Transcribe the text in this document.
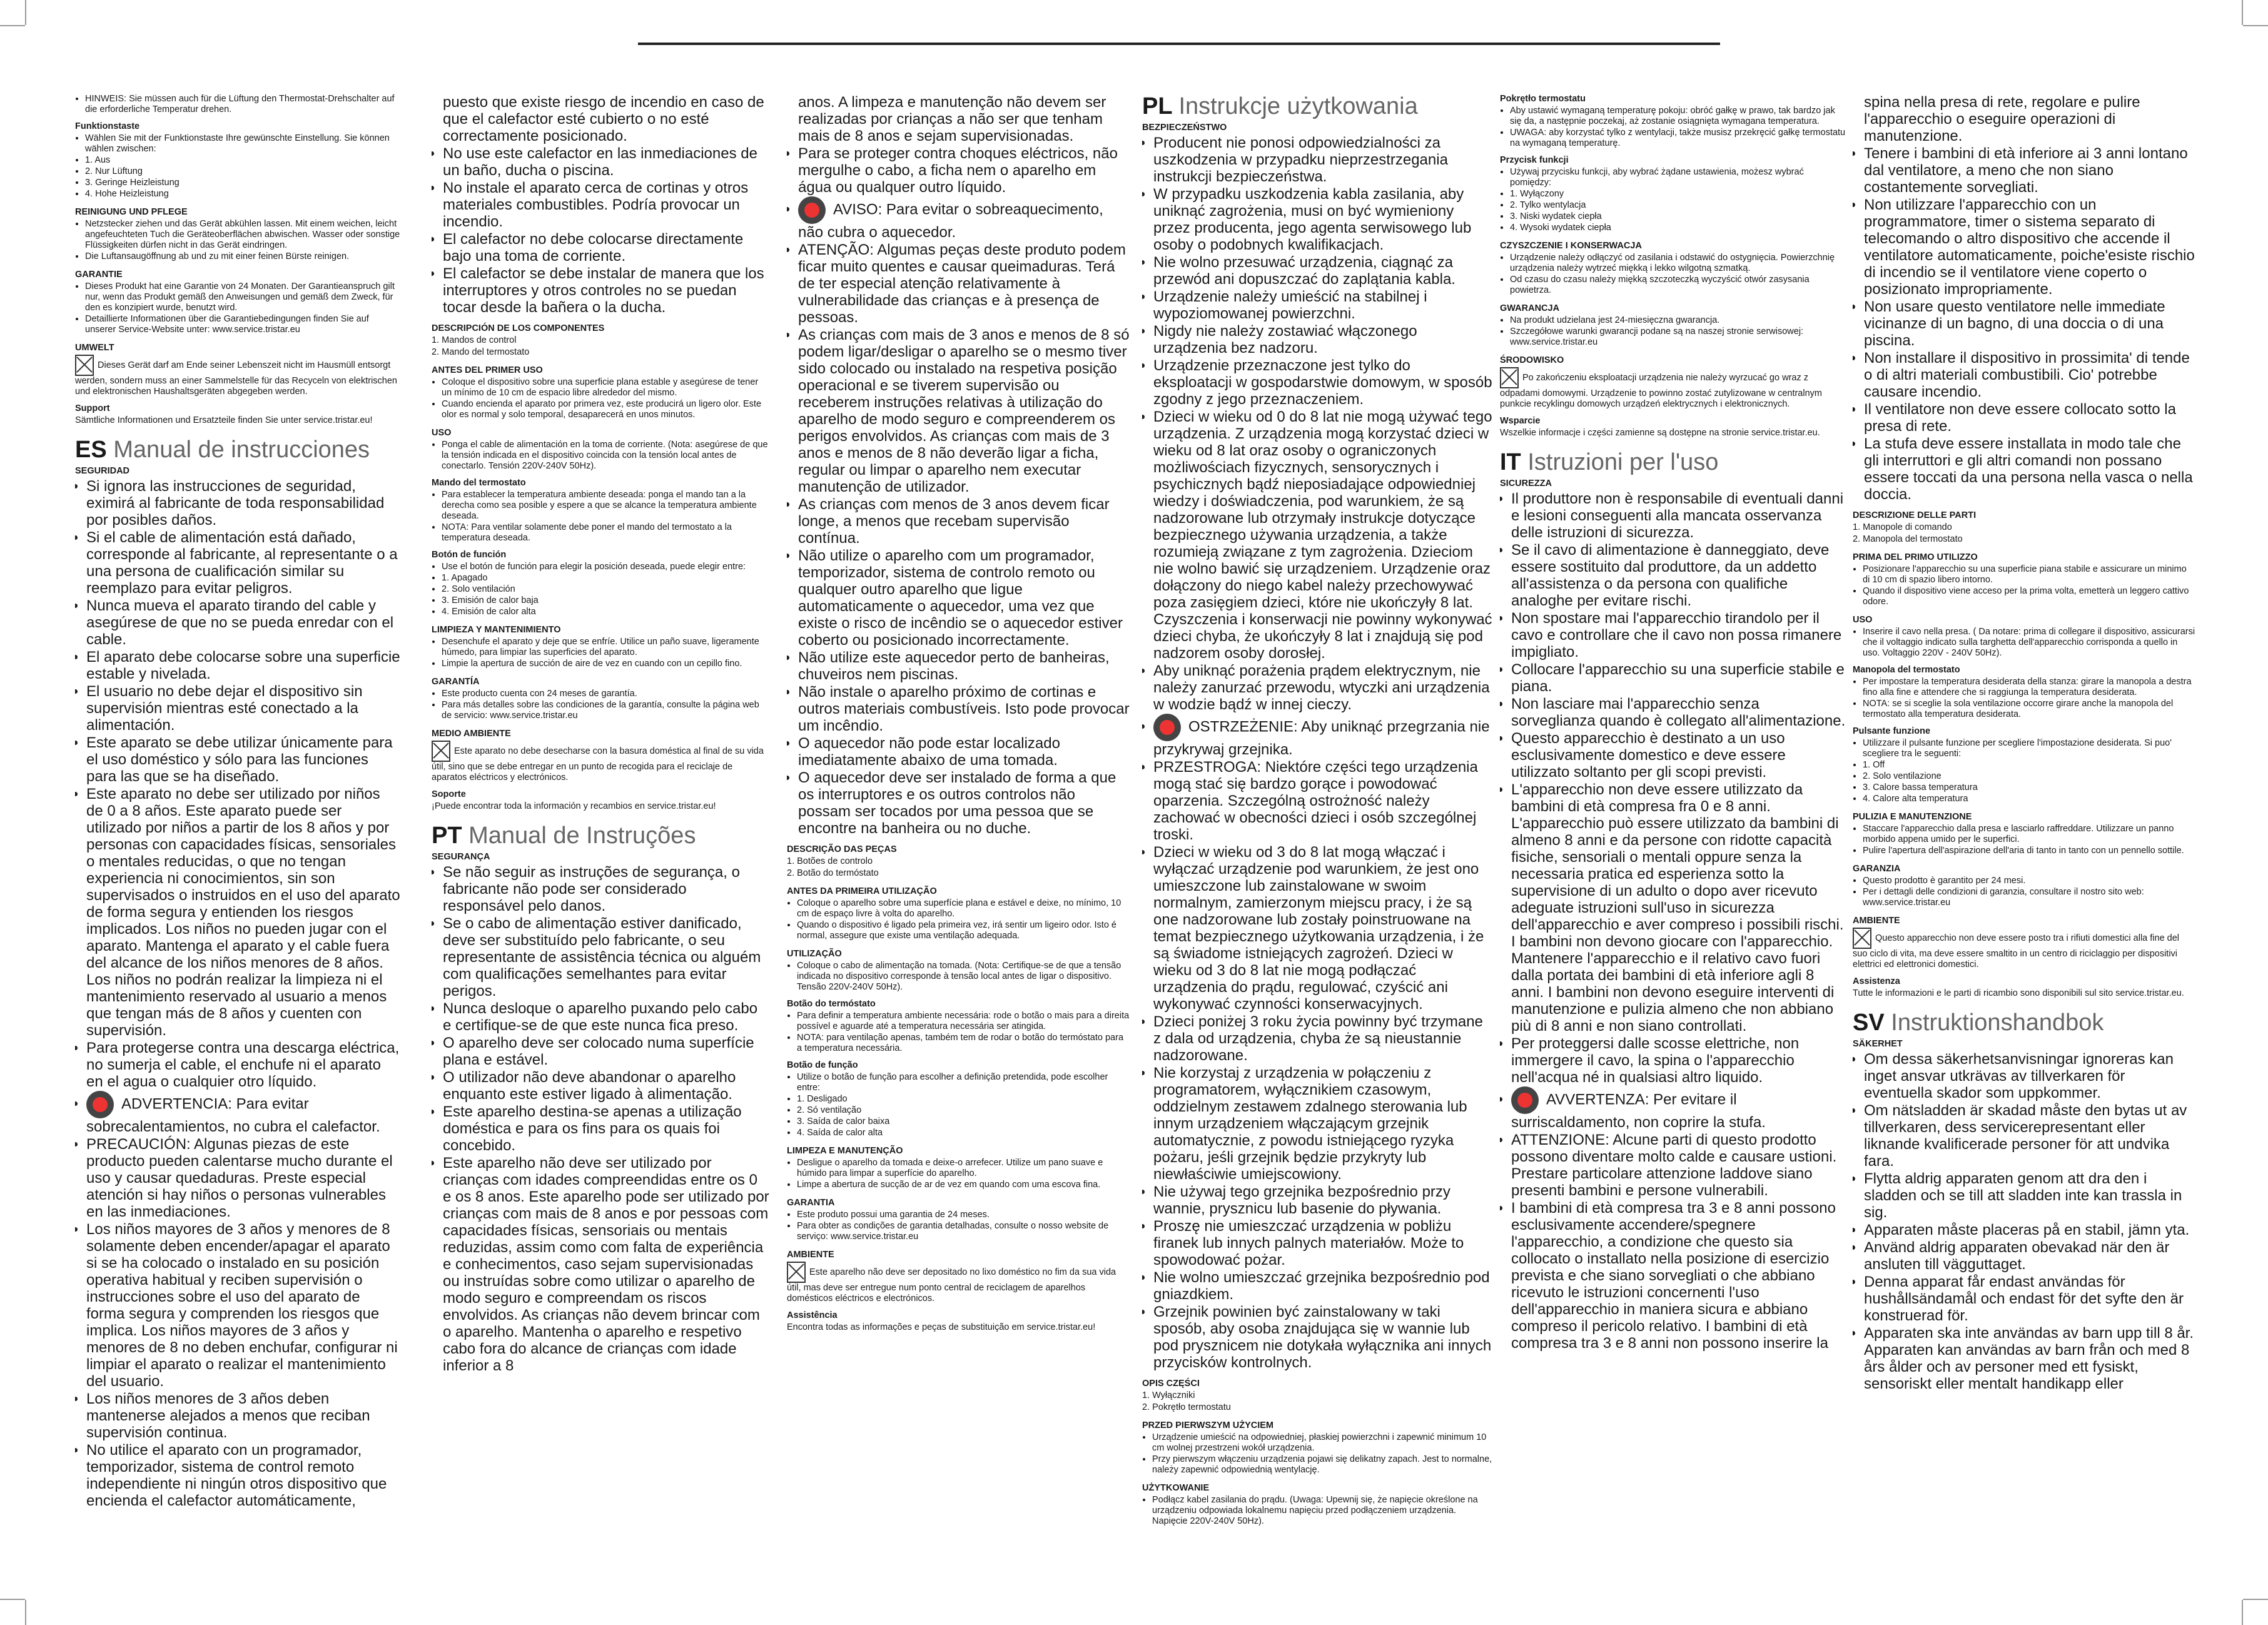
• HINWEIS: Sie müssen auch für die Lüftung den Thermostat-Drehschalter auf die erforderliche Temperatur drehen.
Funktionstaste
• Wählen Sie mit der Funktionstaste Ihre gewünschte Einstellung. Sie können wählen zwischen:
• 1. Aus
• 2. Nur Lüftung
• 3. Geringe Heizleistung
• 4. Hohe Heizleistung
REINIGUNG UND PFLEGE
• Netzstecker ziehen und das Gerät abkühlen lassen. Mit einem weichen, leicht angefeuchteten Tuch die Geräteoberflächen abwischen. Wasser oder sonstige Flüssigkeiten dürfen nicht in das Gerät eindringen.
• Die Luftansaugöffnung ab und zu mit einer feinen Bürste reinigen.
GARANTIE
• Dieses Produkt hat eine Garantie von 24 Monaten. Der Garantieanspruch gilt nur, wenn das Produkt gemäß den Anweisungen und gemäß dem Zweck, für den es konzipiert wurde, benutzt wird.
• Detaillierte Informationen über die Garantiebedingungen finden Sie auf unserer Service-Website unter: www.service.tristar.eu
UMWELT

Dieses Gerät darf am Ende seiner Lebenszeit nicht im Hausmüll entsorgt werden, sondern muss an einer Sammelstelle für das Recyceln von elektrischen und elektronischen Haushaltsgeräten abgegeben werden.

Support

Sämtliche Informationen und Ersatzteile finden Sie unter service.tristar.eu!

ES Manual de instrucciones
SEGURIDAD
• Si ignora las instrucciones de seguridad, eximirá al fabricante de toda responsabilidad por posibles daños.
• Si el cable de alimentación está dañado, corresponde al fabricante, al representante o a una persona de cualificación similar su reemplazo para evitar peligros.
• Nunca mueva el aparato tirando del cable y asegúrese de que no se pueda enredar con el cable.
• El aparato debe colocarse sobre una superficie estable y nivelada.
• El usuario no debe dejar el dispositivo sin supervisión mientras esté conectado a la alimentación.
• Este aparato se debe utilizar únicamente para el uso doméstico y sólo para las funciones para las que se ha diseñado.
• Este aparato no debe ser utilizado por niños de 0 a 8 años. Este aparato puede ser utilizado por niños a partir de los 8 años y por personas con capacidades físicas, sensoriales o mentales reducidas, o que no tengan experiencia ni conocimientos, sin son supervisados o instruidos en el uso del aparato de forma segura y entienden los riesgos implicados. Los niños no pueden jugar con el aparato. Mantenga el aparato y el cable fuera del alcance de los niños menores de 8 años. Los niños no podrán realizar la limpieza ni el mantenimiento reservado al usuario a menos que tengan más de 8 años y cuenten con supervisión.
• Para protegerse contra una descarga eléctrica, no sumerja el cable, el enchufe ni el aparato en el agua o cualquier otro líquido.
• ADVERTENCIA: Para evitar sobrecalentamientos, no cubra el calefactor.
• PRECAUCIÓN: Algunas piezas de este producto pueden calentarse mucho durante el uso y causar quedaduras. Preste especial atención si hay niños o personas vulnerables en las inmediaciones.
• Los niños mayores de 3 años y menores de 8 solamente deben encender/apagar el aparato si se ha colocado o instalado en su posición operativa habitual y reciben supervisión o instrucciones sobre el uso del aparato de forma segura y comprenden los riesgos que implica. Los niños mayores de 3 años y menores de 8 no deben enchufar, configurar ni limpiar el aparato o realizar el mantenimiento del usuario.
• Los niños menores de 3 años deben mantenerse alejados a menos que reciban supervisión continua.
• No utilice el aparato con un programador, temporizador, sistema de control remoto independiente ni ningún otros dispositivo que encienda el calefactor automáticamente,
puesto que existe riesgo de incendio en caso de que el calefactor esté cubierto o no esté correctamente posicionado.
• No use este calefactor en las inmediaciones de un baño, ducha o piscina.
• No instale el aparato cerca de cortinas y otros materiales combustibles. Podría provocar un incendio.
• El calefactor no debe colocarse directamente bajo una toma de corriente.
• El calefactor se debe instalar de manera que los interruptores y otros controles no se puedan tocar desde la bañera o la ducha.
DESCRIPCIÓN DE LOS COMPONENTES

1. Mandos de control

2. Mando del termostato

ANTES DEL PRIMER USO
• Coloque el dispositivo sobre una superficie plana estable y asegúrese de tener un mínimo de 10 cm de espacio libre alrededor del mismo.
• Cuando encienda el aparato por primera vez, este producirá un ligero olor. Este olor es normal y solo temporal, desaparecerá en unos minutos.
USO
• Ponga el cable de alimentación en la toma de corriente. (Nota: asegúrese de que la tensión indicada en el dispositivo coincida con la tensión local antes de conectarlo. Tensión 220V-240V 50Hz).
Mando del termostato
• Para establecer la temperatura ambiente deseada: ponga el mando tan a la derecha como sea posible y espere a que se alcance la temperatura ambiente deseada.
• NOTA: Para ventilar solamente debe poner el mando del termostato a la temperatura deseada.
Botón de función
• Use el botón de función para elegir la posición deseada, puede elegir entre:
• 1. Apagado
• 2. Solo ventilación
• 3. Emisión de calor baja
• 4. Emisión de calor alta
LIMPIEZA Y MANTENIMIENTO
• Desenchufe el aparato y deje que se enfríe. Utilice un paño suave, ligeramente húmedo, para limpiar las superficies del aparato.
• Limpie la apertura de succión de aire de vez en cuando con un cepillo fino.
GARANTÍA
• Este producto cuenta con 24 meses de garantía.
• Para más detalles sobre las condiciones de la garantía, consulte la página web de servicio: www.service.tristar.eu
MEDIO AMBIENTE

Este aparato no debe desecharse con la basura doméstica al final de su vida útil, sino que se debe entregar en un punto de recogida para el reciclaje de aparatos eléctricos y electrónicos.

Soporte

¡Puede encontrar toda la información y recambios en service.tristar.eu!

PT Manual de Instruções
SEGURANÇA
• Se não seguir as instruções de segurança, o fabricante não pode ser considerado responsável pelo danos.
• Se o cabo de alimentação estiver danificado, deve ser substituído pelo fabricante, o seu representante de assistência técnica ou alguém com qualificações semelhantes para evitar perigos.
• Nunca desloque o aparelho puxando pelo cabo e certifique-se de que este nunca fica preso.
• O aparelho deve ser colocado numa superfície plana e estável.
• O utilizador não deve abandonar o aparelho enquanto este estiver ligado à alimentação.
• Este aparelho destina-se apenas a utilização doméstica e para os fins para os quais foi concebido.
• Este aparelho não deve ser utilizado por crianças com idades compreendidas entre os 0 e os 8 anos. Este aparelho pode ser utilizado por crianças com mais de 8 anos e por pessoas com capacidades físicas, sensoriais ou mentais reduzidas, assim como com falta de experiência e conhecimentos, caso sejam supervisionadas ou instruídas sobre como utilizar o aparelho de modo seguro e compreendam os riscos envolvidos. As crianças não devem brincar com o aparelho. Mantenha o aparelho e respetivo cabo fora do alcance de crianças com idade inferior a 8
anos. A limpeza e manutenção não devem ser realizadas por crianças a não ser que tenham mais de 8 anos e sejam supervisionadas.
• Para se proteger contra choques eléctricos, não mergulhe o cabo, a ficha nem o aparelho em água ou qualquer outro líquido.
• AVISO: Para evitar o sobreaquecimento, não cubra o aquecedor.
• ATENÇÃO: Algumas peças deste produto podem ficar muito quentes e causar queimaduras. Terá de ter especial atenção relativamente à vulnerabilidade das crianças e à presença de pessoas.
• As crianças com mais de 3 anos e menos de 8 só podem ligar/desligar o aparelho se o mesmo tiver sido colocado ou instalado na respetiva posição operacional e se tiverem supervisão ou receberem instruções relativas à utilização do aparelho de modo seguro e compreenderem os perigos envolvidos. As crianças com mais de 3 anos e menos de 8 não deverão ligar a ficha, regular ou limpar o aparelho nem executar manutenção de utilizador.
• As crianças com menos de 3 anos devem ficar longe, a menos que recebam supervisão contínua.
• Não utilize o aparelho com um programador, temporizador, sistema de controlo remoto ou qualquer outro aparelho que ligue automaticamente o aquecedor, uma vez que existe o risco de incêndio se o aquecedor estiver coberto ou posicionado incorrectamente.
• Não utilize este aquecedor perto de banheiras, chuveiros nem piscinas.
• Não instale o aparelho próximo de cortinas e outros materiais combustíveis. Isto pode provocar um incêndio.
• O aquecedor não pode estar localizado imediatamente abaixo de uma tomada.
• O aquecedor deve ser instalado de forma a que os interruptores e os outros controlos não possam ser tocados por uma pessoa que se encontre na banheira ou no duche.
DESCRIÇÃO DAS PEÇAS

1. Botões de controlo

2. Botão do termóstato

ANTES DA PRIMEIRA UTILIZAÇÃO
• Coloque o aparelho sobre uma superfície plana e estável e deixe, no mínimo, 10 cm de espaço livre à volta do aparelho.
• Quando o dispositivo é ligado pela primeira vez, irá sentir um ligeiro odor. Isto é normal, assegure que existe uma ventilação adequada.
UTILIZAÇÃO
• Coloque o cabo de alimentação na tomada. (Nota: Certifique-se de que a tensão indicada no dispositivo corresponde à tensão local antes de ligar o dispositivo. Tensão 220V-240V 50Hz).
Botão do termóstato
• Para definir a temperatura ambiente necessária: rode o botão o mais para a direita possível e aguarde até a temperatura necessária ser atingida.
• NOTA: para ventilação apenas, também tem de rodar o botão do termóstato para a temperatura necessária.
Botão de função
• Utilize o botão de função para escolher a definição pretendida, pode escolher entre:
• 1. Desligado
• 2. Só ventilação
• 3. Saída de calor baixa
• 4. Saída de calor alta
LIMPEZA E MANUTENÇÃO
• Desligue o aparelho da tomada e deixe-o arrefecer. Utilize um pano suave e húmido para limpar a superfície do aparelho.
• Limpe a abertura de sucção de ar de vez em quando com uma escova fina.
GARANTIA
• Este produto possui uma garantia de 24 meses.
• Para obter as condições de garantia detalhadas, consulte o nosso website de serviço: www.service.tristar.eu
AMBIENTE

Este aparelho não deve ser depositado no lixo doméstico no fim da sua vida útil, mas deve ser entregue num ponto central de reciclagem de aparelhos domésticos eléctricos e electrónicos.

Assistência

Encontra todas as informações e peças de substituição em service.tristar.eu!

PL Instrukcje użytkowania
BEZPIECZEŃSTWO
• Producent nie ponosi odpowiedzialności za uszkodzenia w przypadku nieprzestrzegania instrukcji bezpieczeństwa.
• W przypadku uszkodzenia kabla zasilania, aby uniknąć zagrożenia, musi on być wymieniony przez producenta, jego agenta serwisowego lub osoby o podobnych kwalifikacjach.
• Nie wolno przesuwać urządzenia, ciągnąć za przewód ani dopuszczać do zaplątania kabla.
• Urządzenie należy umieścić na stabilnej i wypoziomowanej powierzchni.
• Nigdy nie należy zostawiać włączonego urządzenia bez nadzoru.
• Urządzenie przeznaczone jest tylko do eksploatacji w gospodarstwie domowym, w sposób zgodny z jego przeznaczeniem.
• Dzieci w wieku od 0 do 8 lat nie mogą używać tego urządzenia. Z urządzenia mogą korzystać dzieci w wieku od 8 lat oraz osoby o ograniczonych możliwościach fizycznych, sensorycznych i psychicznych bądź nieposiadające odpowiedniej wiedzy i doświadczenia, pod warunkiem, że są nadzorowane lub otrzymały instrukcje dotyczące bezpiecznego używania urządzenia, a także rozumieją związane z tym zagrożenia. Dzieciom nie wolno bawić się urządzeniem. Urządzenie oraz dołączony do niego kabel należy przechowywać poza zasięgiem dzieci, które nie ukończyły 8 lat. Czyszczenia i konserwacji nie powinny wykonywać dzieci chyba, że ukończyły 8 lat i znajdują się pod nadzorem osoby dorosłej.
• Aby uniknąć porażenia prądem elektrycznym, nie należy zanurzać przewodu, wtyczki ani urządzenia w wodzie bądź w innej cieczy.
• OSTRZEŻENIE: Aby uniknąć przegrzania nie przykrywaj grzejnika.
• PRZESTROGA: Niektóre części tego urządzenia mogą stać się bardzo gorące i powodować oparzenia. Szczególną ostrożność należy zachować w obecności dzieci i osób szczególnej troski.
• Dzieci w wieku od 3 do 8 lat mogą włączać i wyłączać urządzenie pod warunkiem, że jest ono umieszczone lub zainstalowane w swoim normalnym, zamierzonym miejscu pracy, i że są one nadzorowane lub zostały poinstruowane na temat bezpiecznego użytkowania urządzenia, i że są świadome istniejących zagrożeń. Dzieci w wieku od 3 do 8 lat nie mogą podłączać urządzenia do prądu, regulować, czyścić ani wykonywać czynności konserwacyjnych.
• Dzieci poniżej 3 roku życia powinny być trzymane z dala od urządzenia, chyba że są nieustannie nadzorowane.
• Nie korzystaj z urządzenia w połączeniu z programatorem, wyłącznikiem czasowym, oddzielnym zestawem zdalnego sterowania lub innym urządzeniem włączającym grzejnik automatycznie, z powodu istniejącego ryzyka pożaru, jeśli grzejnik będzie przykryty lub niewłaściwie umiejscowiony.
• Nie używaj tego grzejnika bezpośrednio przy wannie, prysznicu lub basenie do pływania.
• Proszę nie umieszczać urządzenia w pobliżu firanek lub innych palnych materiałów. Może to spowodować pożar.
• Nie wolno umieszczać grzejnika bezpośrednio pod gniazdkiem.
• Grzejnik powinien być zainstalowany w taki sposób, aby osoba znajdująca się w wannie lub pod prysznicem nie dotykała wyłącznika ani innych przycisków kontrolnych.
OPIS CZĘŚCI

1. Wyłączniki

2. Pokrętło termostatu

PRZED PIERWSZYM UŻYCIEM
• Urządzenie umieścić na odpowiedniej, płaskiej powierzchni i zapewnić minimum 10 cm wolnej przestrzeni wokół urządzenia.
• Przy pierwszym włączeniu urządzenia pojawi się delikatny zapach. Jest to normalne, należy zapewnić odpowiednią wentylację.
UŻYTKOWANIE
• Podłącz kabel zasilania do prądu. (Uwaga: Upewnij się, że napięcie określone na urządzeniu odpowiada lokalnemu napięciu przed podłączeniem urządzenia. Napięcie 220V-240V 50Hz).
Pokrętło termostatu
• Aby ustawić wymaganą temperaturę pokoju: obróć gałkę w prawo, tak bardzo jak się da, a następnie poczekaj, aż zostanie osiągnięta wymagana temperatura.
• UWAGA: aby korzystać tylko z wentylacji, także musisz przekręcić gałkę termostatu na wymaganą temperaturę.
Przycisk funkcji
• Używaj przycisku funkcji, aby wybrać żądane ustawienia, możesz wybrać pomiędzy:
• 1. Wyłączony
• 2. Tylko wentylacja
• 3. Niski wydatek ciepła
• 4. Wysoki wydatek ciepła
CZYSZCZENIE I KONSERWACJA
• Urządzenie należy odłączyć od zasilania i odstawić do ostygnięcia. Powierzchnię urządzenia należy wytrzeć miękką i lekko wilgotną szmatką.
• Od czasu do czasu należy miękką szczoteczką wyczyścić otwór zasysania powietrza.
GWARANCJA
• Na produkt udzielana jest 24-miesięczna gwarancja.
• Szczegółowe warunki gwarancji podane są na naszej stronie serwisowej: www.service.tristar.eu
ŚRODOWISKO

Po zakończeniu eksploatacji urządzenia nie należy wyrzucać go wraz z odpadami domowymi. Urządzenie to powinno zostać zutylizowane w centralnym punkcie recyklingu domowych urządzeń elektrycznych i elektronicznych.

Wsparcie

Wszelkie informacje i części zamienne są dostępne na stronie service.tristar.eu.

IT Istruzioni per l'uso
SICUREZZA
• Il produttore non è responsabile di eventuali danni e lesioni conseguenti alla mancata osservanza delle istruzioni di sicurezza.
• Se il cavo di alimentazione è danneggiato, deve essere sostituito dal produttore, da un addetto all'assistenza o da persona con qualifiche analoghe per evitare rischi.
• Non spostare mai l'apparecchio tirandolo per il cavo e controllare che il cavo non possa rimanere impigliato.
• Collocare l'apparecchio su una superficie stabile e piana.
• Non lasciare mai l'apparecchio senza sorveglianza quando è collegato all'alimentazione.
• Questo apparecchio è destinato a un uso esclusivamente domestico e deve essere utilizzato soltanto per gli scopi previsti.
• L'apparecchio non deve essere utilizzato da bambini di età compresa fra 0 e 8 anni. L'apparecchio può essere utilizzato da bambini di almeno 8 anni e da persone con ridotte capacità fisiche, sensoriali o mentali oppure senza la necessaria pratica ed esperienza sotto la supervisione di un adulto o dopo aver ricevuto adeguate istruzioni sull'uso in sicurezza dell'apparecchio e aver compreso i possibili rischi. I bambini non devono giocare con l'apparecchio. Mantenere l'apparecchio e il relativo cavo fuori dalla portata dei bambini di età inferiore agli 8 anni. I bambini non devono eseguire interventi di manutenzione e pulizia almeno che non abbiano più di 8 anni e non siano controllati.
• Per proteggersi dalle scosse elettriche, non immergere il cavo, la spina o l'apparecchio nell'acqua né in qualsiasi altro liquido.
• AVVERTENZA: Per evitare il surriscaldamento, non coprire la stufa.
• ATTENZIONE: Alcune parti di questo prodotto possono diventare molto calde e causare ustioni. Prestare particolare attenzione laddove siano presenti bambini e persone vulnerabili.
• I bambini di età compresa tra 3 e 8 anni possono esclusivamente accendere/spegnere l'apparecchio, a condizione che questo sia collocato o installato nella posizione di esercizio prevista e che siano sorvegliati o che abbiano ricevuto le istruzioni concernenti l'uso dell'apparecchio in maniera sicura e abbiano compreso il pericolo relativo. I bambini di età compresa tra 3 e 8 anni non possono inserire la
spina nella presa di rete, regolare e pulire l'apparecchio o eseguire operazioni di manutenzione.
• Tenere i bambini di età inferiore ai 3 anni lontano dal ventilatore, a meno che non siano costantemente sorvegliati.
• Non utilizzare l'apparecchio con un programmatore, timer o sistema separato di telecomando o altro dispositivo che accende il ventilatore automaticamente, poiche'esiste rischio di incendio se il ventilatore viene coperto o posizionato impropriamente.
• Non usare questo ventilatore nelle immediate vicinanze di un bagno, di una doccia o di una piscina.
• Non installare il dispositivo in prossimita' di tende o di altri materiali combustibili. Cio' potrebbe causare incendio.
• Il ventilatore non deve essere collocato sotto la presa di rete.
• La stufa deve essere installata in modo tale che gli interruttori e gli altri comandi non possano essere toccati da una persona nella vasca o nella doccia.
DESCRIZIONE DELLE PARTI

1. Manopole di comando

2. Manopola del termostato

PRIMA DEL PRIMO UTILIZZO
• Posizionare l'apparecchio su una superficie piana stabile e assicurare un minimo di 10 cm di spazio libero intorno.
• Quando il dispositivo viene acceso per la prima volta, emetterà un leggero cattivo odore.
USO
• Inserire il cavo nella presa. ( Da notare: prima di collegare il dispositivo, assicurarsi che il voltaggio indicato sulla targhetta dell'apparecchio corrisponda a quello in uso. Voltaggio 220V - 240V 50Hz).
Manopola del termostato
• Per impostare la temperatura desiderata della stanza: girare la manopola a destra fino alla fine e attendere che si raggiunga la temperatura desiderata.
• NOTA: se si sceglie la sola ventilazione occorre girare anche la manopola del termostato alla temperatura desiderata.
Pulsante funzione
• Utilizzare il pulsante funzione per scegliere l'impostazione desiderata. Si puo' scegliere tra le seguenti:
• 1. Off
• 2. Solo ventilazione
• 3. Calore bassa temperatura
• 4. Calore alta temperatura
PULIZIA E MANUTENZIONE
• Staccare l'apparecchio dalla presa e lasciarlo raffreddare. Utilizzare un panno morbido appena umido per le superfici.
• Pulire l'apertura dell'aspirazione dell'aria di tanto in tanto con un pennello sottile.
GARANZIA
• Questo prodotto è garantito per 24 mesi.
• Per i dettagli delle condizioni di garanzia, consultare il nostro sito web: www.service.tristar.eu
AMBIENTE

Questo apparecchio non deve essere posto tra i rifiuti domestici alla fine del suo ciclo di vita, ma deve essere smaltito in un centro di riciclaggio per dispositivi elettrici ed elettronici domestici.

Assistenza

Tutte le informazioni e le parti di ricambio sono disponibili sul sito service.tristar.eu.

SV Instruktionshandbok
SÄKERHET
• Om dessa säkerhetsanvisningar ignoreras kan inget ansvar utkrävas av tillverkaren för eventuella skador som uppkommer.
• Om nätsladden är skadad måste den bytas ut av tillverkaren, dess servicerepresentant eller liknande kvalificerade personer för att undvika fara.
• Flytta aldrig apparaten genom att dra den i sladden och se till att sladden inte kan trassla in sig.
• Apparaten måste placeras på en stabil, jämn yta.
• Använd aldrig apparaten obevakad när den är ansluten till vägguttaget.
• Denna apparat får endast användas för hushållsändamål och endast för det syfte den är konstruerad för.
• Apparaten ska inte användas av barn upp till 8 år. Apparaten kan användas av barn från och med 8 års ålder och av personer med ett fysiskt, sensoriskt eller mentalt handikapp eller
